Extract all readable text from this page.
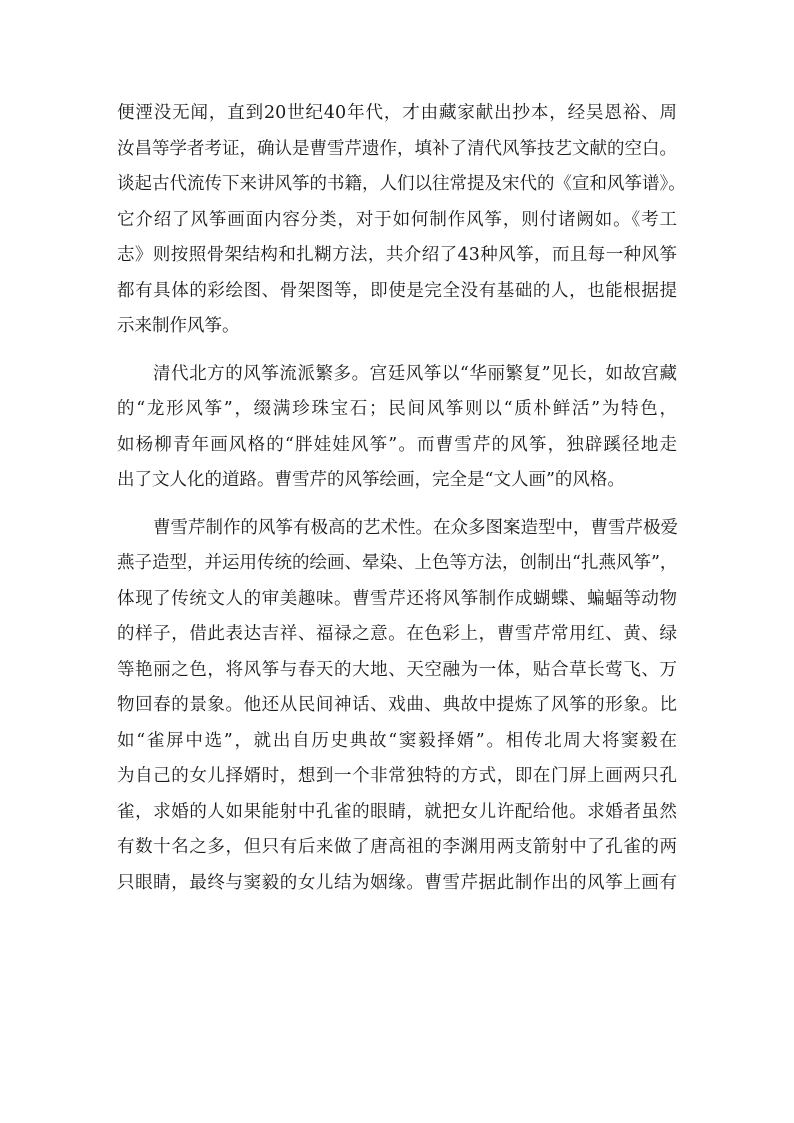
便湮没无闻，直到20世纪40年代，才由藏家献出抄本，经吴恩裕、周
汝昌等学者考证，确认是曹雪芹遗作，填补了清代风筝技艺文献的空白。
谈起古代流传下来讲风筝的书籍，人们以往常提及宋代的《宣和风筝谱》。
它介绍了风筝画面内容分类，对于如何制作风筝，则付诸阙如。《考工
志》则按照骨架结构和扎糊方法，共介绍了43种风筝，而且每一种风筝
都有具体的彩绘图、骨架图等，即使是完全没有基础的人，也能根据提
示来制作风筝。
清代北方的风筝流派繁多。宫廷风筝以“华丽繁复”见长，如故宫藏
的“龙形风筝”，缀满珍珠宝石；民间风筝则以“质朴鲜活”为特色，
如杨柳青年画风格的“胖娃娃风筝”。而曹雪芹的风筝，独辟蹊径地走
出了文人化的道路。曹雪芹的风筝绘画，完全是“文人画”的风格。
曹雪芹制作的风筝有极高的艺术性。在众多图案造型中，曹雪芹极爱
燕子造型，并运用传统的绘画、晕染、上色等方法，创制出“扎燕风筝”，
体现了传统文人的审美趣味。曹雪芹还将风筝制作成蝴蝶、蝙蝠等动物
的样子，借此表达吉祥、福禄之意。在色彩上，曹雪芹常用红、黄、绿
等艳丽之色，将风筝与春天的大地、天空融为一体，贴合草长莺飞、万
物回春的景象。他还从民间神话、戏曲、典故中提炼了风筝的形象。比
如“雀屏中选”，就出自历史典故“窦毅择婿”。相传北周大将窦毅在
为自己的女儿择婿时，想到一个非常独特的方式，即在门屏上画两只孔
雀，求婚的人如果能射中孔雀的眼睛，就把女儿许配给他。求婚者虽然
有数十名之多，但只有后来做了唐高祖的李渊用两支箭射中了孔雀的两
只眼睛，最终与窦毅的女儿结为姻缘。曹雪芹据此制作出的风筝上画有
